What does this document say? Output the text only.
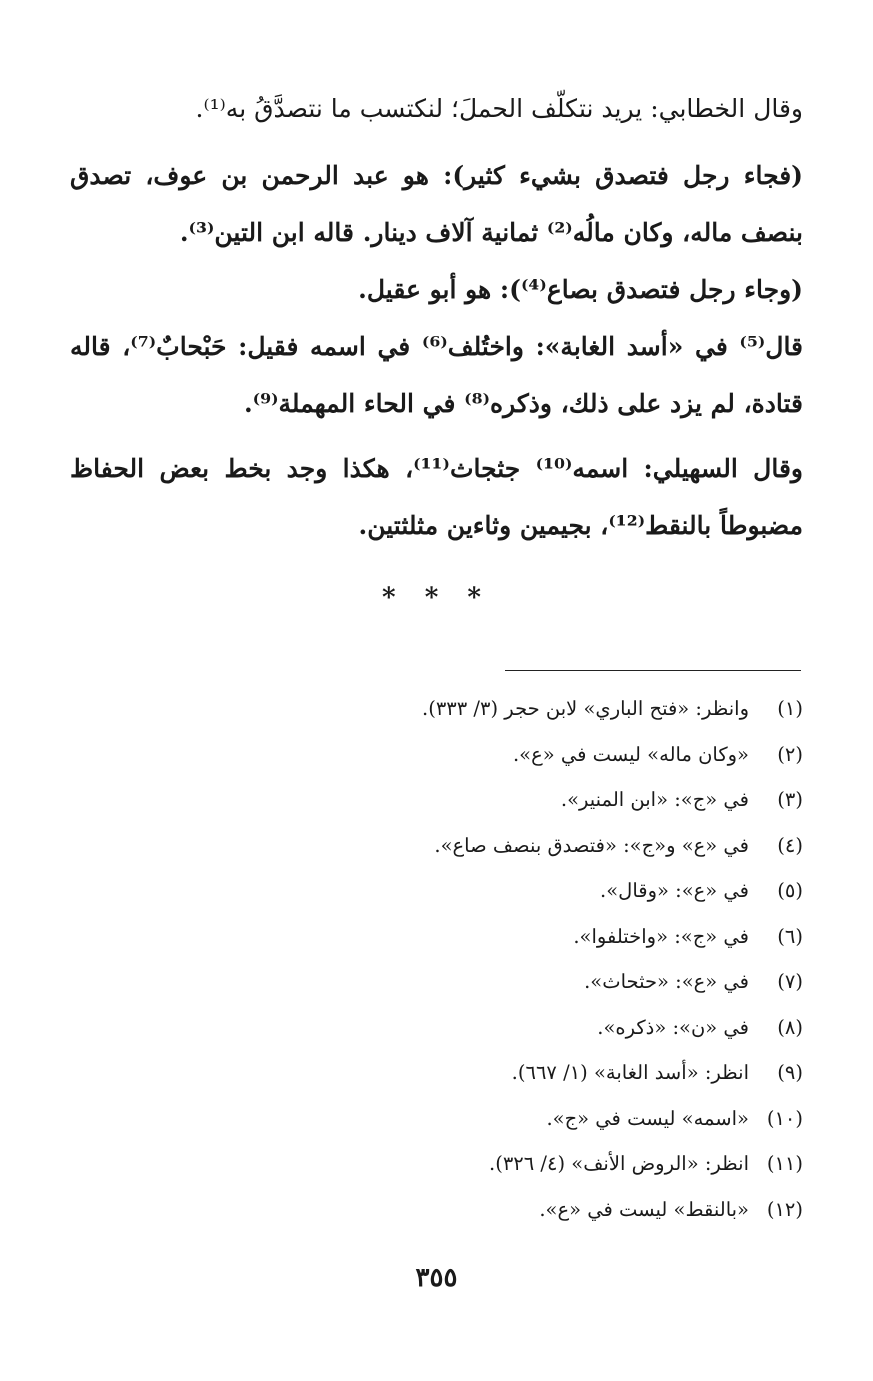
وقال الخطابي: يريد نتكلّف الحملَ؛ لنكتسب ما نتصدَّقُ به⁽¹⁾.

(فجاء رجل فتصدق بشيء كثير): هو عبد الرحمن بن عوف، تصدق بنصف ماله، وكان مالُه⁽²⁾ ثمانية آلاف دينار. قاله ابن التين⁽³⁾.

(وجاء رجل فتصدق بصاع⁽⁴⁾): هو أبو عقيل.

قال⁽⁵⁾ في «أسد الغابة»: واختُلف⁽⁶⁾ في اسمه فقيل: حَبْحابٌ⁽⁷⁾، قاله قتادة، لم يزد على ذلك، وذكره⁽⁸⁾ في الحاء المهملة⁽⁹⁾.

وقال السهيلي: اسمه⁽¹⁰⁾ جثجاث⁽¹¹⁾، هكذا وجد بخط بعض الحفاظ مضبوطاً بالنقط⁽¹²⁾، بجيمين وثاءين مثلثتين.

* * *
(١)وانظر: «فتح الباري» لابن حجر (٣/ ٣٣٣).
(٢)«وكان ماله» ليست في «ع».
(٣)في «ج»: «ابن المنير».
(٤)في «ع» و«ج»: «فتصدق بنصف صاع».
(٥)في «ع»: «وقال».
(٦)في «ج»: «واختلفوا».
(٧)في «ع»: «حثحاث».
(٨)في «ن»: «ذكره».
(٩)انظر: «أسد الغابة» (١/ ٦٦٧).
(١٠)«اسمه» ليست في «ج».
(١١)انظر: «الروض الأنف» (٤/ ٣٢٦).
(١٢)«بالنقط» ليست في «ع».
٣٥٥
